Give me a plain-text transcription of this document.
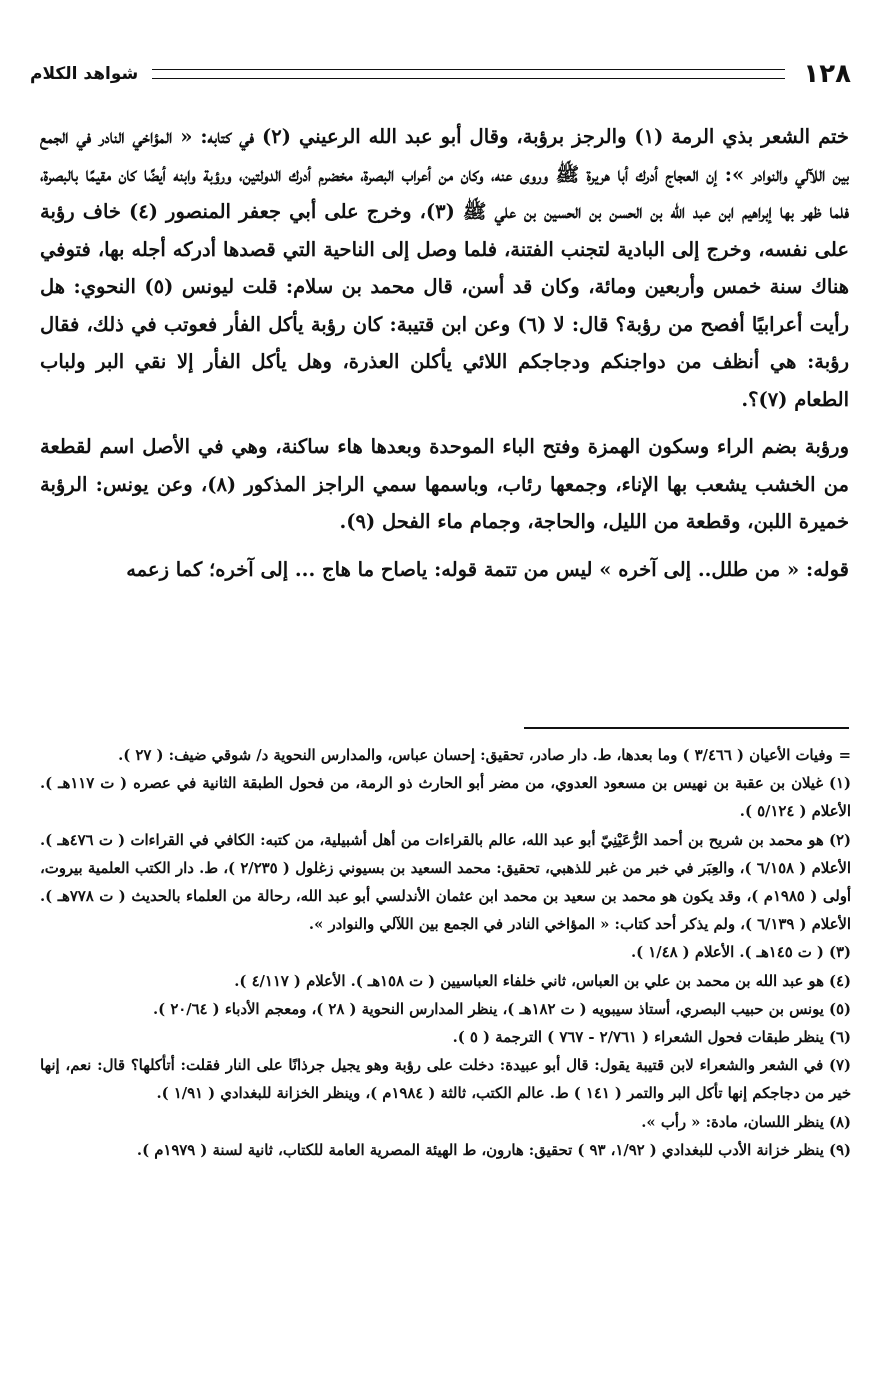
١٢٨
شواهد الكلام

ختم الشعر بذي الرمة (١) والرجز برؤبة، وقال أبو عبد الله الرعيني (٢) في كتابه: « المؤاخي النادر في الجمع بين اللآلي والنوادر »: إن العجاج أدرك أبا هريرة ﷺ وروى عنه، وكان من أعراب البصرة، مخضرم أدرك الدولتين، ورؤبة وابنه أيضًا كان مقيمًا بالبصرة، فلما ظهر بها إبراهيم ابن عبد الله بن الحسن بن الحسين بن علي ﷺ (٣)، وخرج على أبي جعفر المنصور (٤) خاف رؤبة على نفسه، وخرج إلى البادية لتجنب الفتنة، فلما وصل إلى الناحية التي قصدها أدركه أجله بها، فتوفي هناك سنة خمس وأربعين ومائة، وكان قد أسن، قال محمد بن سلام: قلت ليونس (٥) النحوي: هل رأيت أعرابيًا أفصح من رؤبة؟ قال: لا (٦) وعن ابن قتيبة: كان رؤبة يأكل الفأر فعوتب في ذلك، فقال رؤبة: هي أنظف من دواجنكم ودجاجكم اللائي يأكلن العذرة، وهل يأكل الفأر إلا نقي البر ولباب الطعام (٧)؟.

ورؤبة بضم الراء وسكون الهمزة وفتح الباء الموحدة وبعدها هاء ساكنة، وهي في الأصل اسم لقطعة من الخشب يشعب بها الإناء، وجمعها رئاب، وباسمها سمي الراجز المذكور (٨)، وعن يونس: الرؤبة خميرة اللبن، وقطعة من الليل، والحاجة، وجمام ماء الفحل (٩).

قوله: « من طلل.. إلى آخره » ليس من تتمة قوله: ياصاح ما هاج ... إلى آخره؛ كما زعمه

=وفيات الأعيان ( ٣/٤٦٦ ) وما بعدها، ط. دار صادر، تحقيق: إحسان عباس، والمدارس النحوية د/ شوقي ضيف: ( ٢٧ ).

(١) غيلان بن عقبة بن نهيس بن مسعود العدوي، من مضر أبو الحارث ذو الرمة، من فحول الطبقة الثانية في عصره ( ت ١١٧هـ ). الأعلام ( ٥/١٢٤ ).

(٢) هو محمد بن شريح بن أحمد الرُّعَيْنِيّ أبو عبد الله، عالم بالقراءات من أهل أشبيلية، من كتبه: الكافي في القراءات ( ت ٤٧٦هـ ). الأعلام ( ٦/١٥٨ )، والعِبَر في خبر من غبر للذهبي، تحقيق: محمد السعيد بن بسيوني زغلول ( ٢/٢٣٥ )، ط. دار الكتب العلمية بيروت، أولى ( ١٩٨٥م )، وقد يكون هو محمد بن سعيد بن محمد ابن عثمان الأندلسي أبو عبد الله، رحالة من العلماء بالحديث ( ت ٧٧٨هـ ). الأعلام ( ٦/١٣٩ )، ولم يذكر أحد كتاب: « المؤاخي النادر في الجمع بين اللآلي والنوادر ».

(٣) ( ت ١٤٥هـ ). الأعلام ( ١/٤٨ ).

(٤) هو عبد الله بن محمد بن علي بن العباس، ثاني خلفاء العباسيين ( ت ١٥٨هـ ). الأعلام ( ٤/١١٧ ).

(٥) يونس بن حبيب البصري، أستاذ سيبويه ( ت ١٨٢هـ )، ينظر المدارس النحوية ( ٢٨ )، ومعجم الأدباء ( ٢٠/٦٤ ).

(٦) ينظر طبقات فحول الشعراء ( ٢/٧٦١ - ٧٦٧ ) الترجمة ( ٥ ).

(٧) في الشعر والشعراء لابن قتيبة يقول: قال أبو عبيدة: دخلت على رؤبة وهو يجيل جرذانًا على النار فقلت: أتأكلها؟ قال: نعم، إنها خير من دجاجكم إنها تأكل البر والتمر ( ١٤١ ) ط. عالم الكتب، ثالثة ( ١٩٨٤م )، وينظر الخزانة للبغدادي ( ١/٩١ ).

(٨) ينظر اللسان، مادة: « رأب ».

(٩) ينظر خزانة الأدب للبغدادي ( ١/٩٢، ٩٣ ) تحقيق: هارون، ط الهيئة المصرية العامة للكتاب، ثانية لسنة ( ١٩٧٩م ).
